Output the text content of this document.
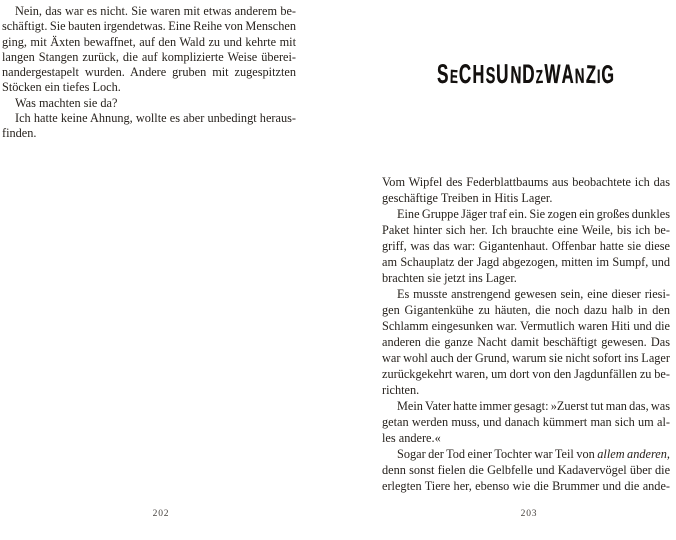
Nein, das war es nicht. Sie waren mit etwas anderem be-
schäftigt. Sie bauten irgendetwas. Eine Reihe von Menschen
ging, mit Äxten bewaffnet, auf den Wald zu und kehrte mit
langen Stangen zurück, die auf komplizierte Weise überei-
nandergestapelt wurden. Andere gruben mit zugespitzten
Stöcken ein tiefes Loch.
Was machten sie da?
Ich hatte keine Ahnung, wollte es aber unbedingt heraus-
finden.
202
SECHSUNDZWANZIG
Vom Wipfel des Federblattbaums aus beobachtete ich das
geschäftige Treiben in Hitis Lager.
Eine Gruppe Jäger traf ein. Sie zogen ein großes dunkles
Paket hinter sich her. Ich brauchte eine Weile, bis ich be-
griff, was das war: Gigantenhaut. Offenbar hatte sie diese
am Schauplatz der Jagd abgezogen, mitten im Sumpf, und
brachten sie jetzt ins Lager.
Es musste anstrengend gewesen sein, eine dieser riesi-
gen Gigantenkühe zu häuten, die noch dazu halb in den
Schlamm eingesunken war. Vermutlich waren Hiti und die
anderen die ganze Nacht damit beschäftigt gewesen. Das
war wohl auch der Grund, warum sie nicht sofort ins Lager
zurückgekehrt waren, um dort von den Jagdunfällen zu be-
richten.
Mein Vater hatte immer gesagt: »Zuerst tut man das, was
getan werden muss, und danach kümmert man sich um al-
les andere.«
Sogar der Tod einer Tochter war Teil von allem anderen,
denn sonst fielen die Gelbfelle und Kadavervögel über die
erlegten Tiere her, ebenso wie die Brummer und die ande-
203
